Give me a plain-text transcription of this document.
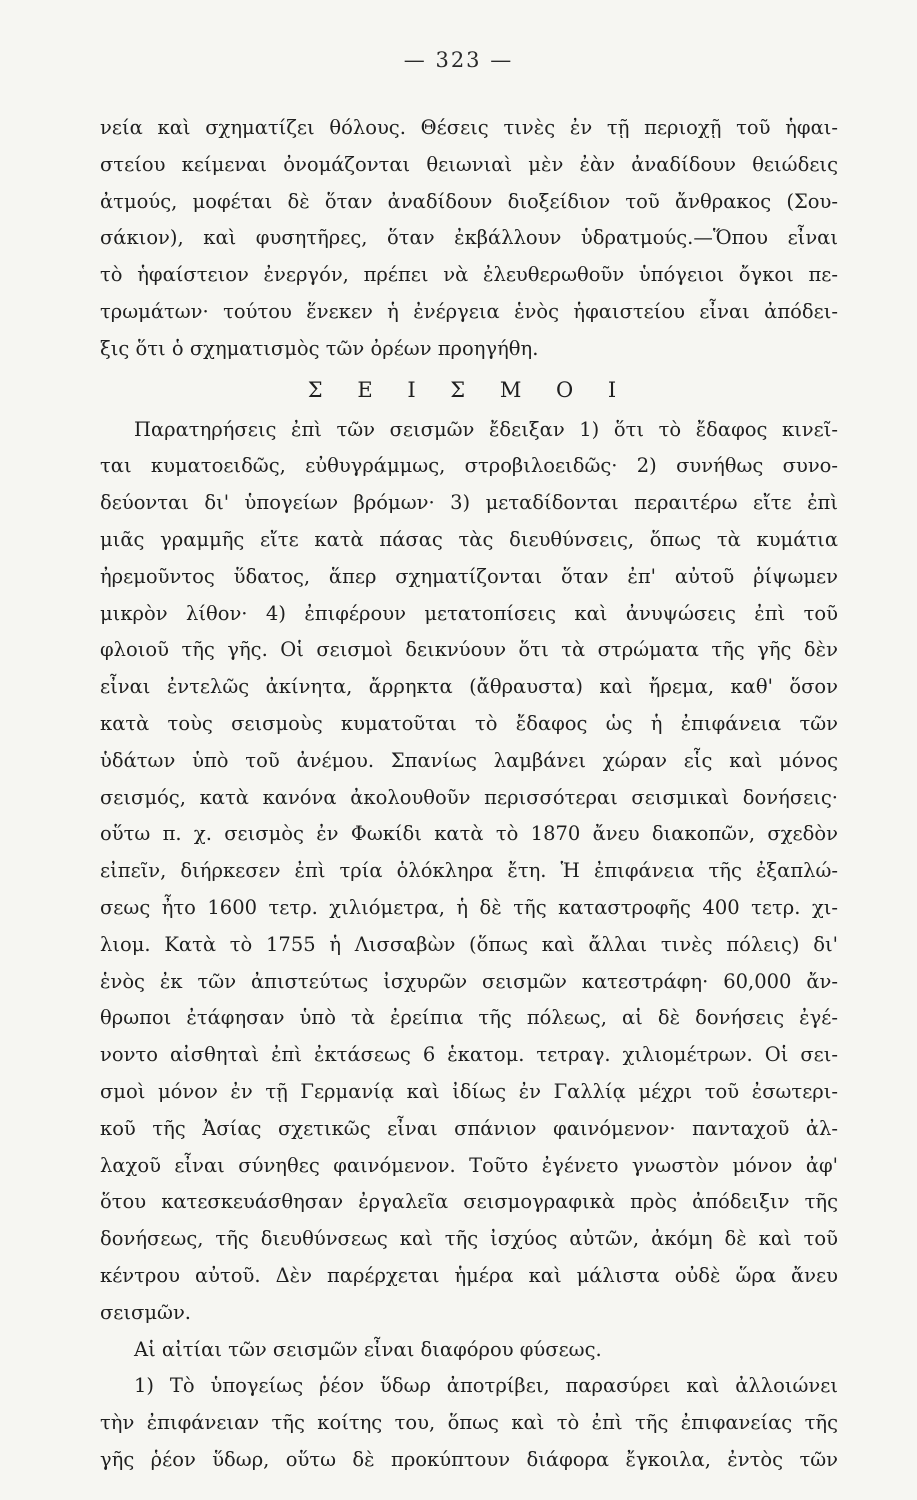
— 323 —
νεία καὶ σχηματίζει θόλους. Θέσεις τινὲς ἐν τῇ περιοχῇ τοῦ ἡφαι-
στείου κείμεναι ὀνομάζονται θειωνιαὶ μὲν ἐὰν ἀναδίδουν θειώδεις
ἀτμούς, μοφέται δὲ ὅταν ἀναδίδουν διοξείδιον τοῦ ἄνθρακος (Σου-
σάκιον), καὶ φυσητῆρες, ὅταν ἐκβάλλουν ὑδρατμούς.—Ὅπου εἶναι
τὸ ἡφαίστειον ἐνεργόν, πρέπει νὰ ἐλευθερωθοῦν ὑπόγειοι ὄγκοι πε-
τρωμάτων· τούτου ἕνεκεν ἡ ἐνέργεια ἑνὸς ἡφαιστείου εἶναι ἀπόδει-
ξις ὅτι ὁ σχηματισμὸς τῶν ὀρέων προηγήθη.
Σ Ε Ι Σ Μ Ο Ι
Παρατηρήσεις ἐπὶ τῶν σεισμῶν ἔδειξαν 1) ὅτι τὸ ἔδαφος κινεῖ-
ται κυματοειδῶς, εὐθυγράμμως, στροβιλοειδῶς· 2) συνήθως συνο-
δεύονται δι' ὑπογείων βρόμων· 3) μεταδίδονται περαιτέρω εἴτε ἐπὶ
μιᾶς γραμμῆς εἴτε κατὰ πάσας τὰς διευθύνσεις, ὅπως τὰ κυμάτια
ἠρεμοῦντος ὕδατος, ἅπερ σχηματίζονται ὅταν ἐπ' αὐτοῦ ῥίψωμεν
μικρὸν λίθον· 4) ἐπιφέρουν μετατοπίσεις καὶ ἀνυψώσεις ἐπὶ τοῦ
φλοιοῦ τῆς γῆς. Οἱ σεισμοὶ δεικνύουν ὅτι τὰ στρώματα τῆς γῆς δὲν
εἶναι ἐντελῶς ἀκίνητα, ἄρρηκτα (ἄθραυστα) καὶ ἤρεμα, καθ' ὅσον
κατὰ τοὺς σεισμοὺς κυματοῦται τὸ ἔδαφος ὡς ἡ ἐπιφάνεια τῶν
ὑδάτων ὑπὸ τοῦ ἀνέμου. Σπανίως λαμβάνει χώραν εἷς καὶ μόνος
σεισμός, κατὰ κανόνα ἀκολουθοῦν περισσότεραι σεισμικαὶ δονήσεις·
οὕτω π. χ. σεισμὸς ἐν Φωκίδι κατὰ τὸ 1870 ἄνευ διακοπῶν, σχεδὸν
εἰπεῖν, διήρκεσεν ἐπὶ τρία ὁλόκληρα ἔτη. Ἡ ἐπιφάνεια τῆς ἐξαπλώ-
σεως ἦτο 1600 τετρ. χιλιόμετρα, ἡ δὲ τῆς καταστροφῆς 400 τετρ. χι-
λιομ. Κατὰ τὸ 1755 ἡ Λισσαβὼν (ὅπως καὶ ἄλλαι τινὲς πόλεις) δι'
ἑνὸς ἐκ τῶν ἀπιστεύτως ἰσχυρῶν σεισμῶν κατεστράφη· 60,000 ἄν-
θρωποι ἐτάφησαν ὑπὸ τὰ ἐρείπια τῆς πόλεως, αἱ δὲ δονήσεις ἐγέ-
νοντο αἰσθηταὶ ἐπὶ ἐκτάσεως 6 ἑκατομ. τετραγ. χιλιομέτρων. Οἱ σει-
σμοὶ μόνον ἐν τῇ Γερμανίᾳ καὶ ἰδίως ἐν Γαλλίᾳ μέχρι τοῦ ἐσωτερι-
κοῦ τῆς Ἀσίας σχετικῶς εἶναι σπάνιον φαινόμενον· πανταχοῦ ἀλ-
λαχοῦ εἶναι σύνηθες φαινόμενον. Τοῦτο ἐγένετο γνωστὸν μόνον ἀφ'
ὅτου κατεσκευάσθησαν ἐργαλεῖα σεισμογραφικὰ πρὸς ἀπόδειξιν τῆς
δονήσεως, τῆς διευθύνσεως καὶ τῆς ἰσχύος αὐτῶν, ἀκόμη δὲ καὶ τοῦ
κέντρου αὐτοῦ. Δὲν παρέρχεται ἡμέρα καὶ μάλιστα οὐδὲ ὥρα ἄνευ
σεισμῶν.
Αἱ αἰτίαι τῶν σεισμῶν εἶναι διαφόρου φύσεως.
1) Τὸ ὑπογείως ῥέον ὕδωρ ἀποτρίβει, παρασύρει καὶ ἀλλοιώνει
τὴν ἐπιφάνειαν τῆς κοίτης του, ὅπως καὶ τὸ ἐπὶ τῆς ἐπιφανείας τῆς
γῆς ῥέον ὕδωρ, οὕτω δὲ προκύπτουν διάφορα ἔγκοιλα, ἐντὸς τῶν
